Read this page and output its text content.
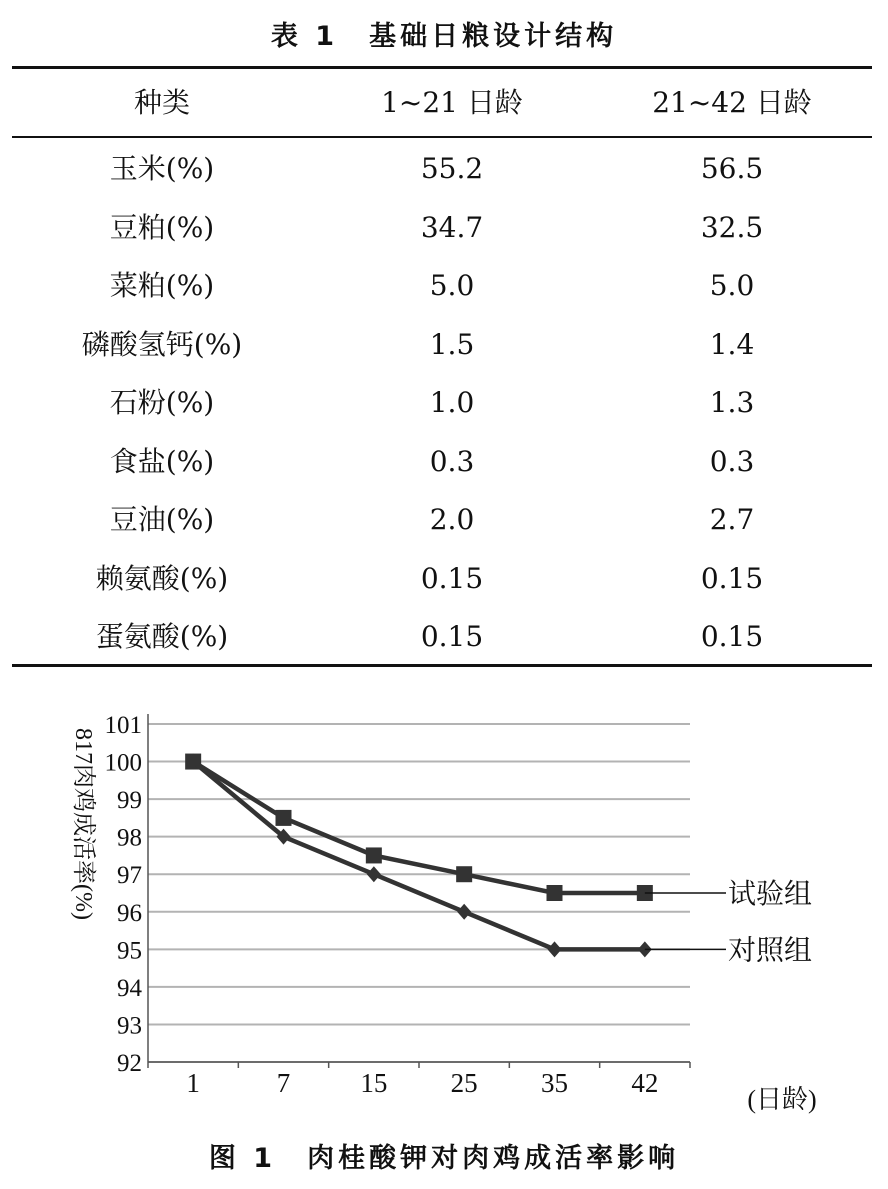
表 1　基础日粮设计结构
种类	1~21 日龄	21~42 日龄
玉米(%)	55.2	56.5
豆粕(%)	34.7	32.5
菜粕(%)	5.0	5.0
磷酸氢钙(%)	1.5	1.4
石粉(%)	1.0	1.3
食盐(%)	0.3	0.3
豆油(%)	2.0	2.7
赖氨酸(%)	0.15	0.15
蛋氨酸(%)	0.15	0.15
101
100
99
98
97
96
95
94
93
92
1	7	15 25 35 42
(日龄)
817肉鸡成活率(%)	试验组
对照组
图 1　肉桂酸钾对肉鸡成活率影响
